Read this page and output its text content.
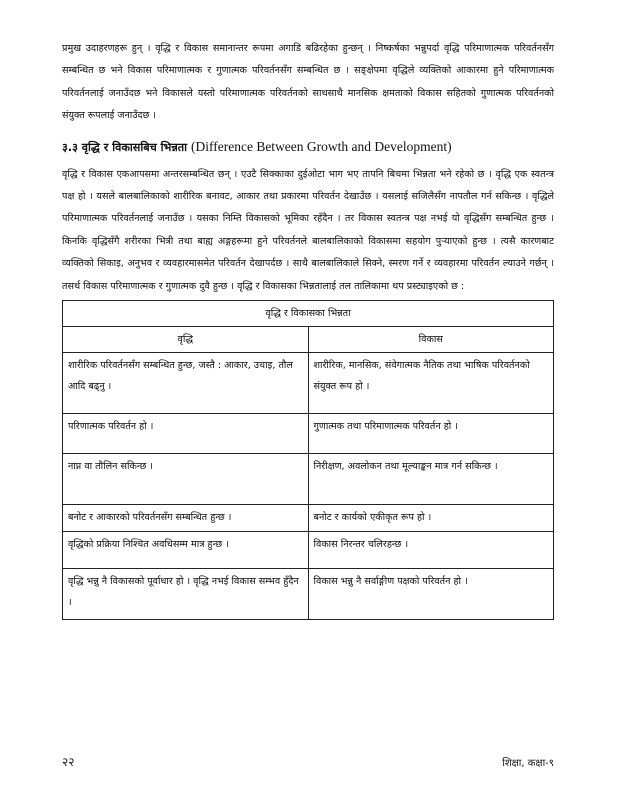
प्रमुख उदाहरणहरू हुन् । वृद्धि र विकास समानान्तर रूपमा अगाडि बढिरहेका हुन्छन् । निष्कर्षका भन्नुपर्दा वृद्धि परिमाणात्मक परिवर्तनसँग सम्बन्धित छ भने विकास परिमाणात्मक र गुणात्मक परिवर्तनसँग सम्बन्धित छ । सङ्क्षेपमा वृद्धिले व्यक्तिको आकारमा हुने परिमाणात्मक परिवर्तनलाई जनाउँदछ भने विकासले यस्तो परिमाणात्मक परिवर्तनको साथसाथै मानसिक क्षमताको विकास सहितको गुणात्मक परिवर्तनको संयुक्त रूपलाई जनाउँदछ ।

३.३ वृद्धि र विकासबिच भिन्नता (Difference Between Growth and Development)

वृद्धि र विकास एकआपसमा अन्तरसम्बन्धित छन् । एउटै सिक्काका दुईओटा भाग भए तापनि बिचमा भिन्नता भने रहेको छ । वृद्धि एक स्वतन्त्र पक्ष हो । यसले बालबालिकाको शारीरिक बनावट, आकार तथा प्रकारमा परिवर्तन देखाउँछ । यसलाई सजिलैसँग नापतौल गर्न सकिन्छ । वृद्धिले परिमाणात्मक परिवर्तनलाई जनाउँछ । यसका निम्ति विकासको भूमिका रहँदैन । तर विकास स्वतन्त्र पक्ष नभई यो वृद्धिसँग सम्बन्धित हुन्छ । किनकि वृद्धिसँगै शरीरका भित्री तथा बाह्य अङ्गहरूमा हुने परिवर्तनले बालबालिकाको विकासमा सहयोग पुऱ्याएको हुन्छ । त्यसै कारणबाट व्यक्तिको सिकाइ, अनुभव र व्यवहारमासमेत परिवर्तन देखापर्दछ । साथै बालबालिकाले सिक्ने, स्मरण गर्ने र व्यवहारमा परिवर्तन ल्याउने गर्छन् । तसर्थ विकास परिमाणात्मक र गुणात्मक दुवै हुन्छ । वृद्धि र विकासका भिन्नतालाई तल तालिकामा थप प्रस्ट्याइएको छ :

वृद्धि र विकासका भिन्नता	
वृद्धि	विकास
शारीरिक परिवर्तनसँग सम्बन्धित हुन्छ, जस्तै : आकार, उचाइ, तौल आदि बढ्नु ।	शारीरिक, मानसिक, संवेगात्मक नैतिक तथा भाषिक परिवर्तनको संयुक्त रूप हो ।
परिणात्मक परिवर्तन हो ।	गुणात्मक तथा परिमाणात्मक परिवर्तन हो ।
नाप्न वा तौलिन सकिन्छ ।	निरीक्षण, अवलोकन तथा मूल्याङ्कन मात्र गर्न सकिन्छ ।
बनोट र आकारको परिवर्तनसँग सम्बन्धित हुन्छ ।	बनोट र कार्यको एकीकृत रूप हो ।
वृद्धिको प्रक्रिया निश्चित अवधिसम्म मात्र हुन्छ ।	विकास निरन्तर चलिरहन्छ ।
वृद्धि भन्नु नै विकासको पूर्वाधार हो । वृद्धि नभई विकास सम्भव हुँदैन ।	विकास भन्नु नै सर्वाङ्गीण पक्षको परिवर्तन हो ।
२२	शिक्षा, कक्षा-९
